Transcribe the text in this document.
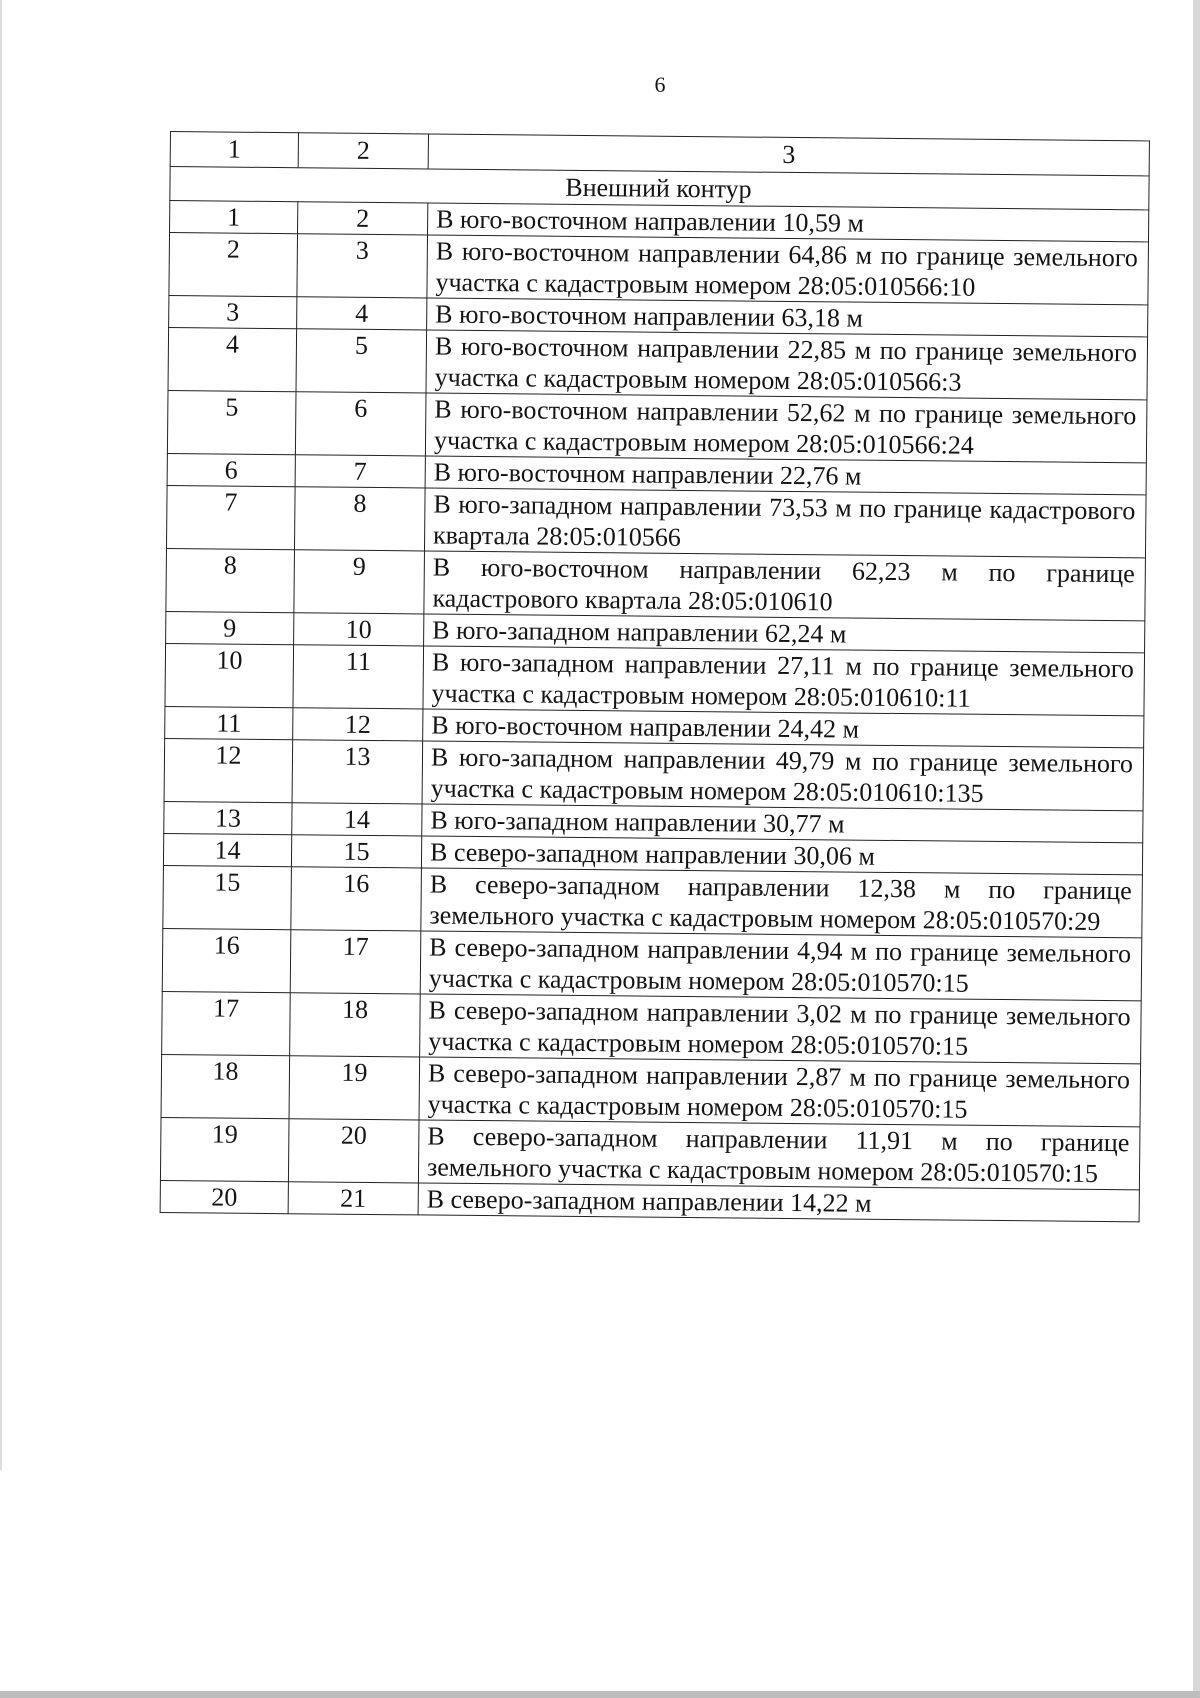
6
1	2	3
Внешний контур		
1	2	В юго-восточном направлении 10,59 м
2	3	В юго-восточном направлении 64,86 м по границе земельного участка с кадастровым номером 28:05:010566:10
3	4	В юго-восточном направлении 63,18 м
4	5	В юго-восточном направлении 22,85 м по границе земельного участка с кадастровым номером 28:05:010566:3
5	6	В юго-восточном направлении 52,62 м по границе земельного участка с кадастровым номером 28:05:010566:24
6	7	В юго-восточном направлении 22,76 м
7	8	В юго-западном направлении 73,53 м по границе кадастрового квартала 28:05:010566
8	9	В юго-восточном направлении 62,23 м по границе кадастрового квартала 28:05:010610
9	10	В юго-западном направлении 62,24 м
10	11	В юго-западном направлении 27,11 м по границе земельного участка с кадастровым номером 28:05:010610:11
11	12	В юго-восточном направлении 24,42 м
12	13	В юго-западном направлении 49,79 м по границе земельного участка с кадастровым номером 28:05:010610:135
13	14	В юго-западном направлении 30,77 м
14	15	В северо-западном направлении 30,06 м
15	16	В северо-западном направлении 12,38 м по границе земельного участка с кадастровым номером 28:05:010570:29
16	17	В северо-западном направлении 4,94 м по границе земельного участка с кадастровым номером 28:05:010570:15
17	18	В северо-западном направлении 3,02 м по границе земельного участка с кадастровым номером 28:05:010570:15
18	19	В северо-западном направлении 2,87 м по границе земельного участка с кадастровым номером 28:05:010570:15
19	20	В северо-западном направлении 11,91 м по границе земельного участка с кадастровым номером 28:05:010570:15
20	21	В северо-западном направлении 14,22 м
